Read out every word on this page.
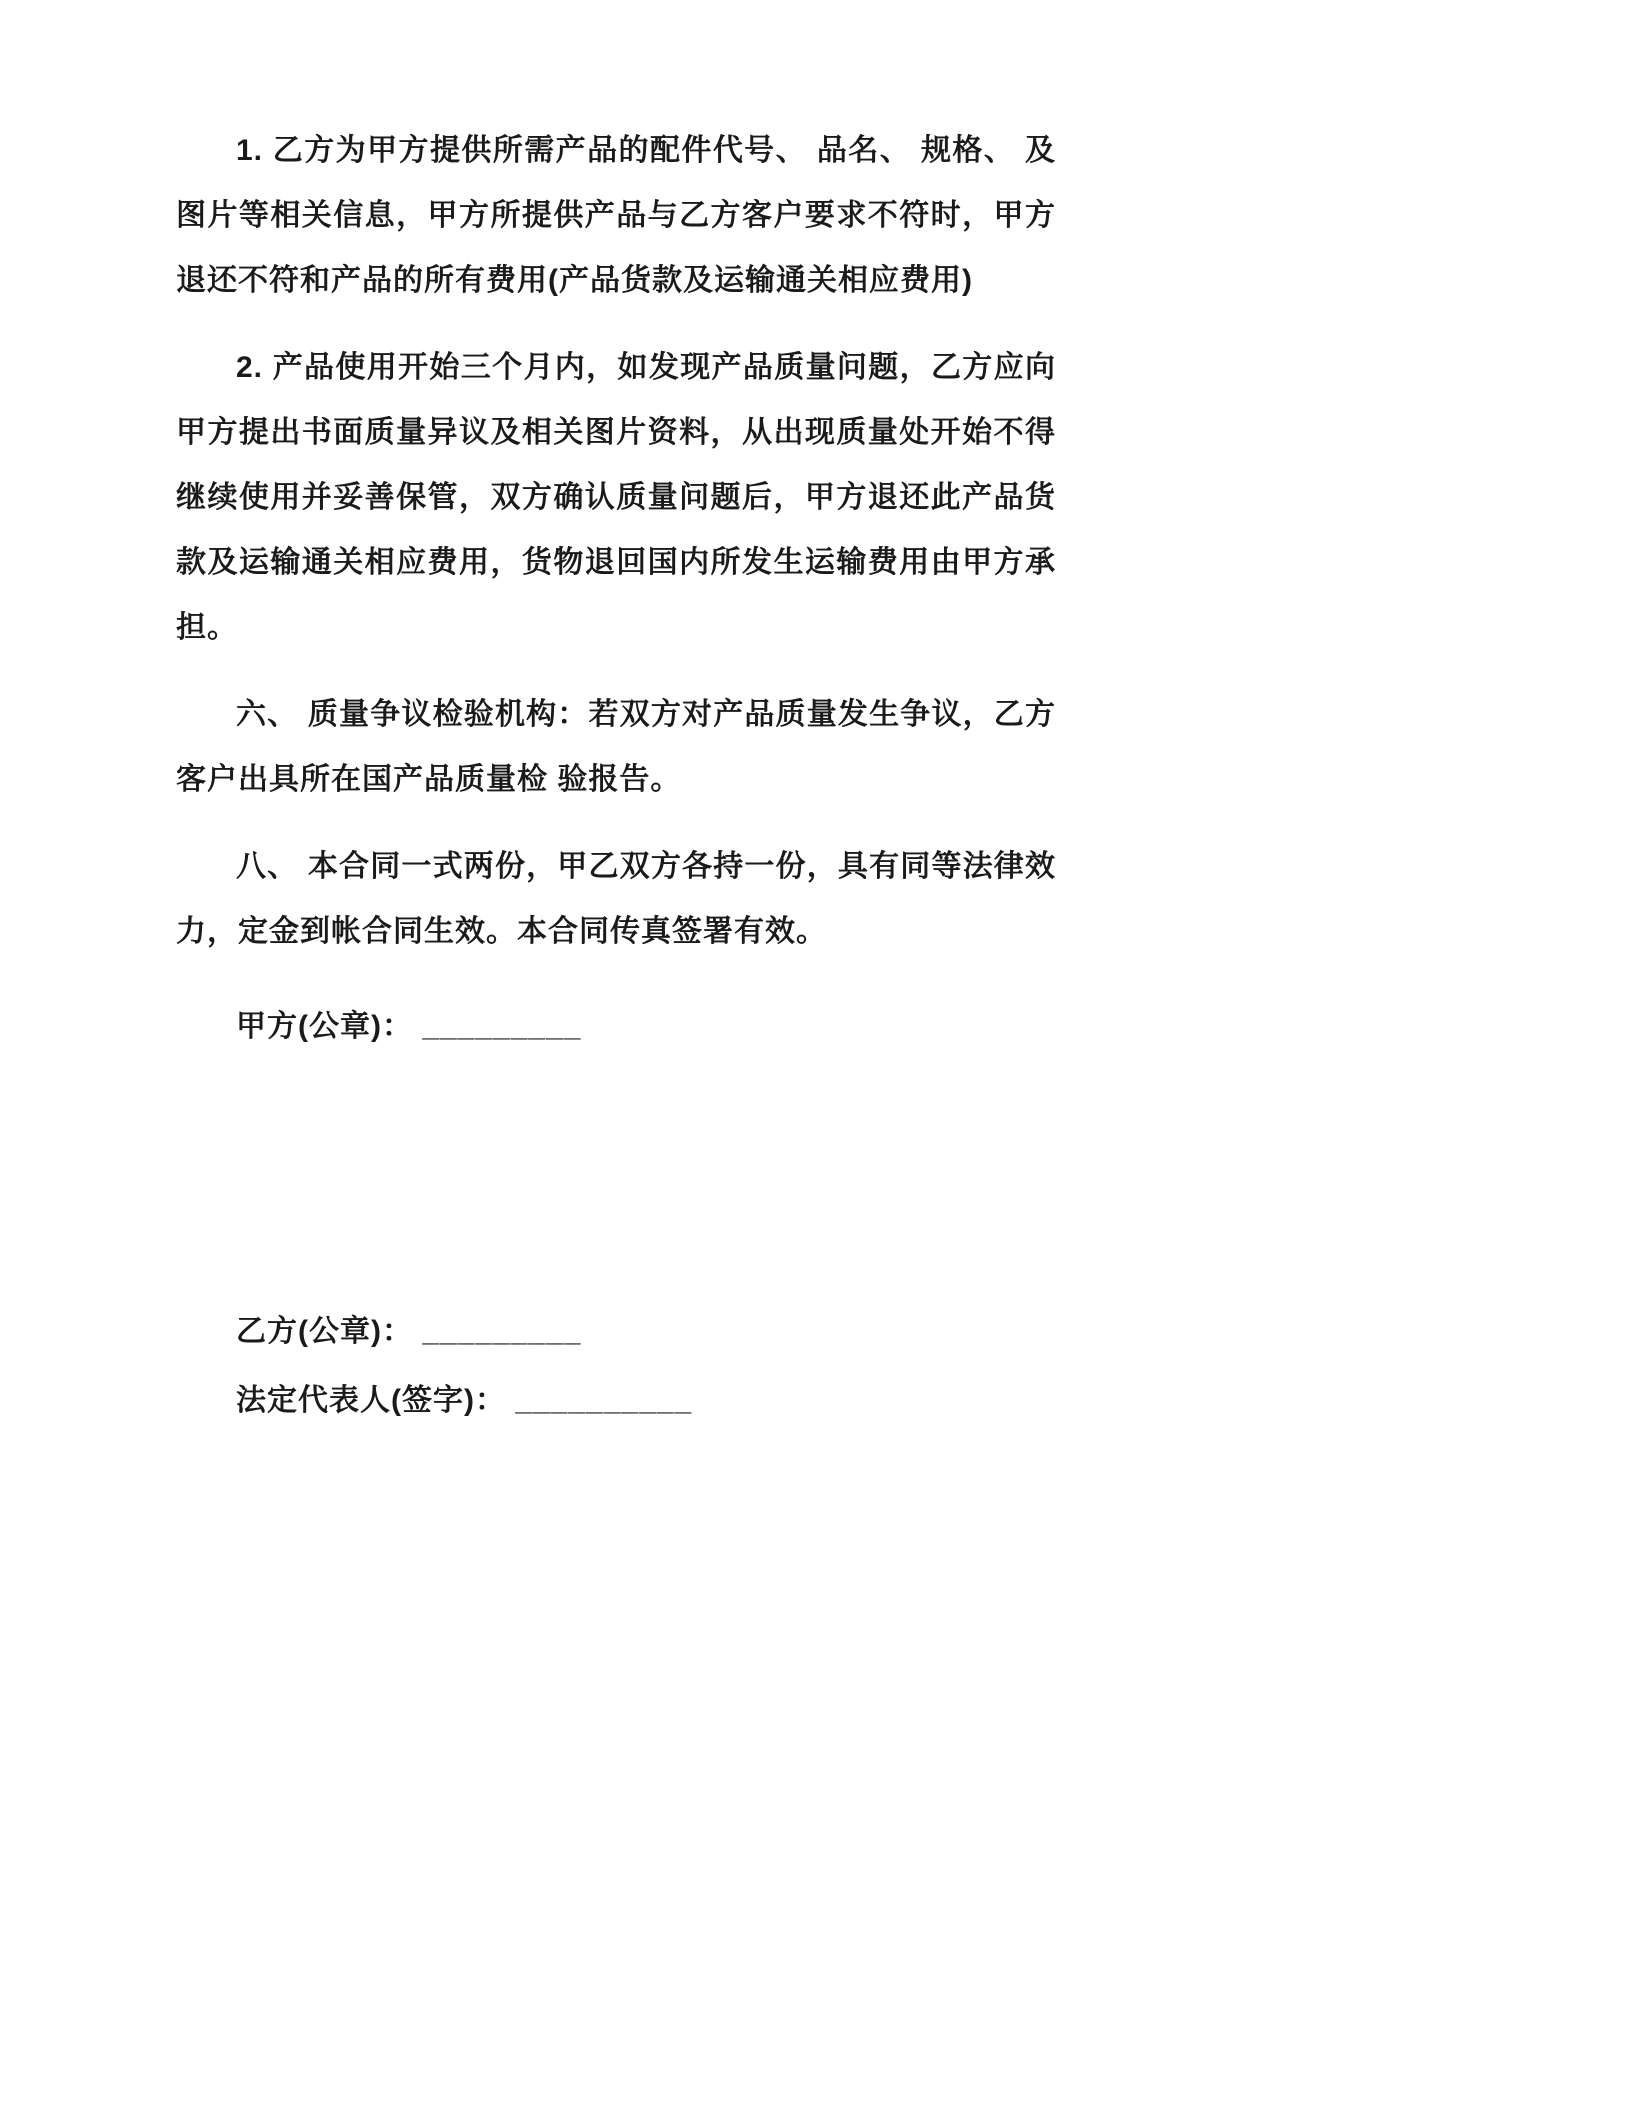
1. 乙方为甲方提供所需产品的配件代号、 品名、 规格、 及图片等相关信息，甲方所提供产品与乙方客户要求不符时，甲方退还不符和产品的所有费用(产品货款及运输通关相应费用)

2. 产品使用开始三个月内，如发现产品质量问题，乙方应向甲方提出书面质量异议及相关图片资料，从出现质量处开始不得继续使用并妥善保管，双方确认质量问题后，甲方退还此产品货款及运输通关相应费用，货物退回国内所发生运输费用由甲方承担。

六、 质量争议检验机构：若双方对产品质量发生争议，乙方客户出具所在国产品质量检 验报告。

八、 本合同一式两份，甲乙双方各持一份，具有同等法律效力，定金到帐合同生效。本合同传真签署有效。

甲方(公章)： _________

乙方(公章)： _________

法定代表人(签字)： __________
